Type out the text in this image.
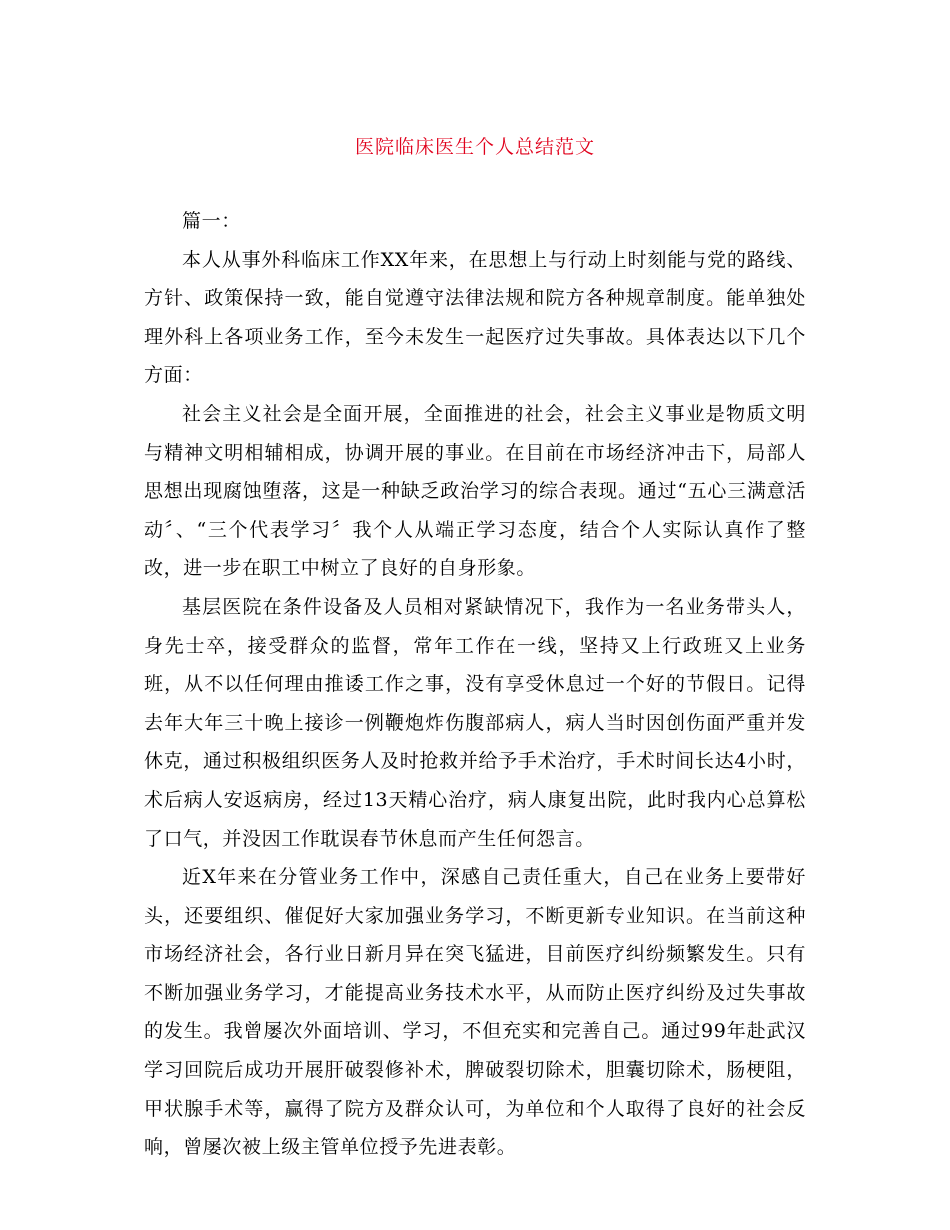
医院临床医生个人总结范文

篇一：

本人从事外科临床工作XX年来，在思想上与行动上时刻能与党的路线、方针、政策保持一致，能自觉遵守法律法规和院方各种规章制度。能单独处理外科上各项业务工作，至今未发生一起医疗过失事故。具体表达以下几个方面：

社会主义社会是全面开展，全面推进的社会，社会主义事业是物质文明与精神文明相辅相成，协调开展的事业。在目前在市场经济冲击下，局部人思想出现腐蚀堕落，这是一种缺乏政治学习的综合表现。通过“五心三满意活动〞、“三个代表学习〞我个人从端正学习态度，结合个人实际认真作了整改，进一步在职工中树立了良好的自身形象。

基层医院在条件设备及人员相对紧缺情况下，我作为一名业务带头人，身先士卒，接受群众的监督，常年工作在一线，坚持又上行政班又上业务班，从不以任何理由推诿工作之事，没有享受休息过一个好的节假日。记得去年大年三十晚上接诊一例鞭炮炸伤腹部病人，病人当时因创伤面严重并发休克，通过积极组织医务人及时抢救并给予手术治疗，手术时间长达4小时，术后病人安返病房，经过13天精心治疗，病人康复出院，此时我内心总算松了口气，并没因工作耽误春节休息而产生任何怨言。

近X年来在分管业务工作中，深感自己责任重大，自己在业务上要带好头，还要组织、催促好大家加强业务学习，不断更新专业知识。在当前这种市场经济社会，各行业日新月异在突飞猛进，目前医疗纠纷频繁发生。只有不断加强业务学习，才能提高业务技术水平，从而防止医疗纠纷及过失事故的发生。我曾屡次外面培训、学习，不但充实和完善自己。通过99年赴武汉学习回院后成功开展肝破裂修补术，脾破裂切除术，胆囊切除术，肠梗阻，甲状腺手术等，赢得了院方及群众认可，为单位和个人取得了良好的社会反响，曾屡次被上级主管单位授予先进表彰。
